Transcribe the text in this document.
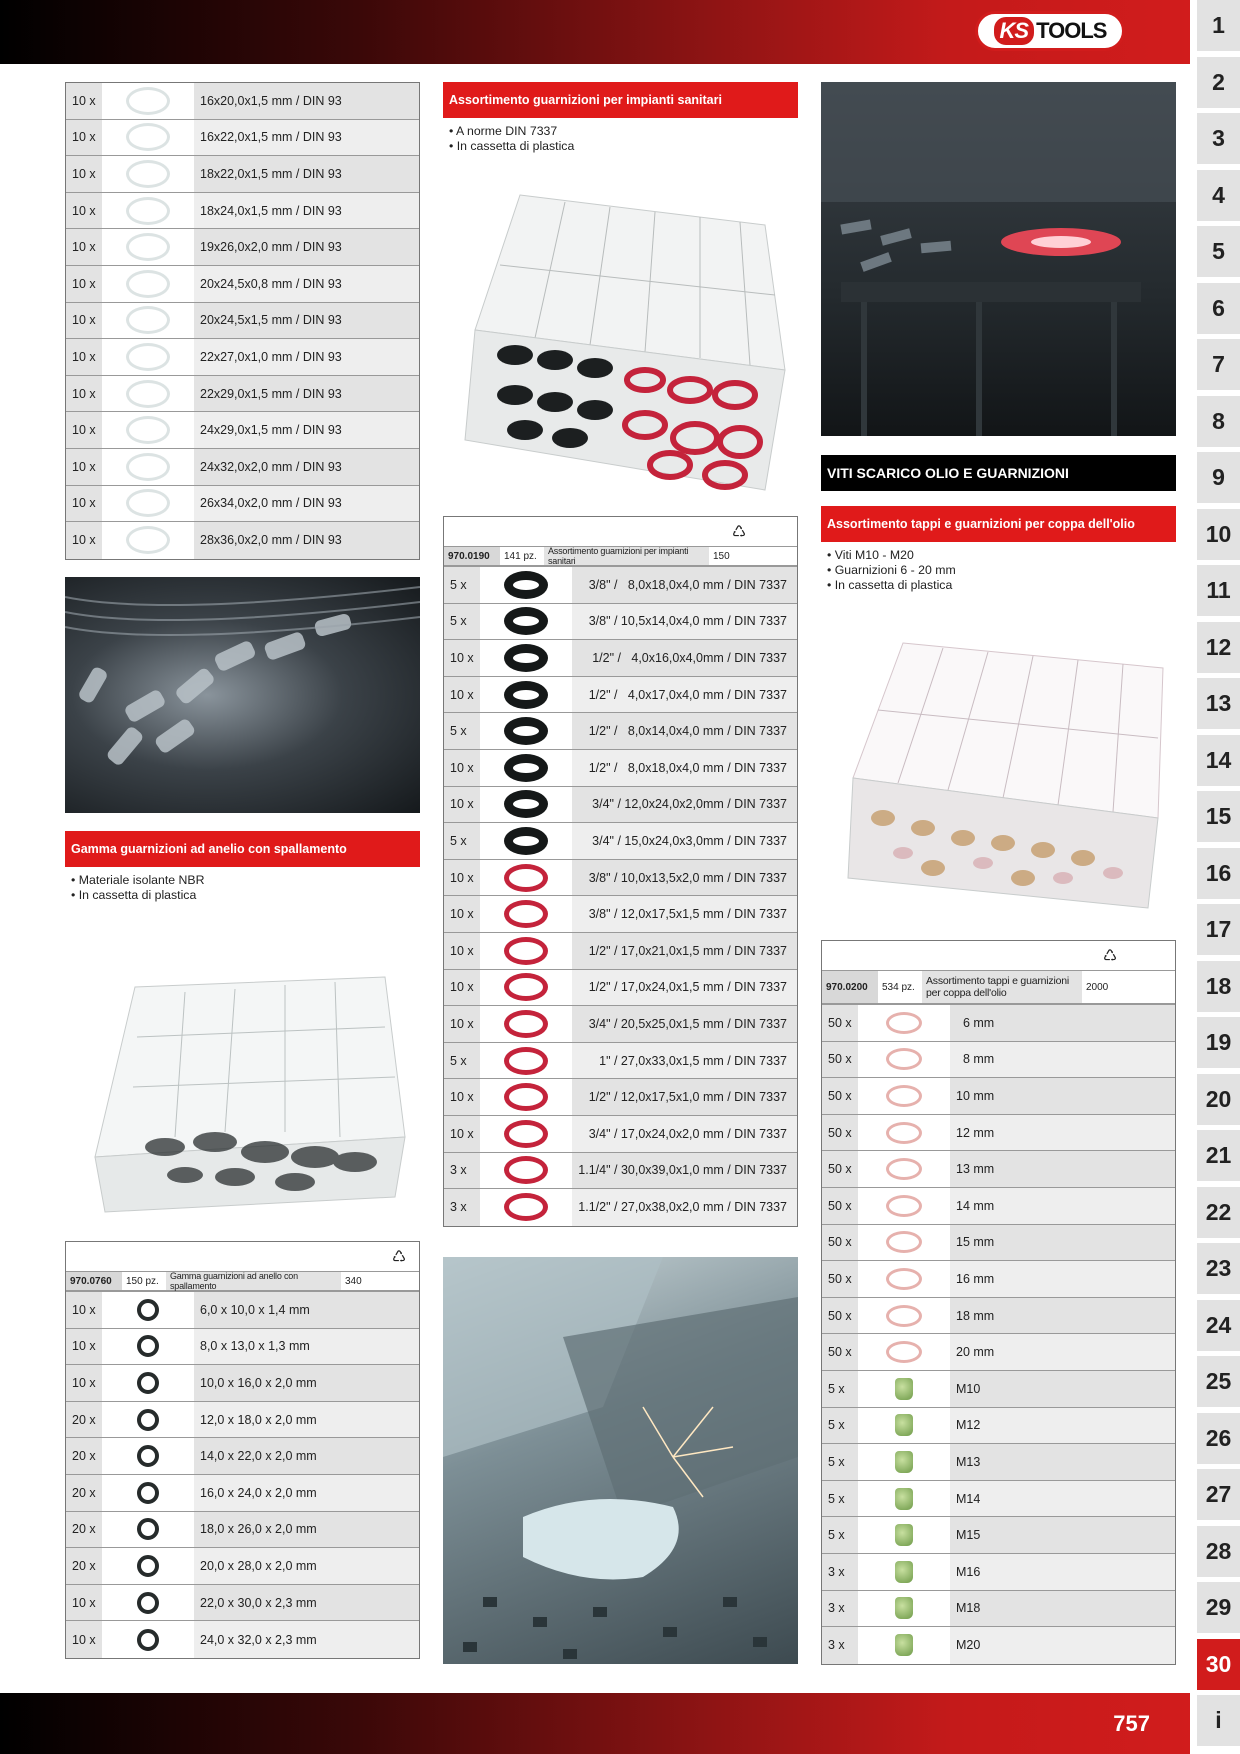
KS TOOLS	1
2
3
4
5
6
7
8
9
10
11
12
13
14
15
16
17
18
19
20
21
22
23
24
25
26
27
28
29
30
i
10 x	16x20,0x1,5 mm / DIN 93
10 x	16x22,0x1,5 mm / DIN 93
10 x	18x22,0x1,5 mm / DIN 93
10 x	18x24,0x1,5 mm / DIN 93
10 x	19x26,0x2,0 mm / DIN 93
10 x	20x24,5x0,8 mm / DIN 93
10 x	20x24,5x1,5 mm / DIN 93
10 x	22x27,0x1,0 mm / DIN 93
10 x	22x29,0x1,5 mm / DIN 93
10 x	24x29,0x1,5 mm / DIN 93
10 x	24x32,0x2,0 mm / DIN 93
10 x	26x34,0x2,0 mm / DIN 93
10 x	28x36,0x2,0 mm / DIN 93
Gamma guarnizioni ad anelio con spallamento
• Materiale isolante NBR
• In cassetta di plastica
♺
970.0760	150 pz.	Gamma guarnizioni ad anello con spallamento	340
10 x	6,0 x 10,0 x 1,4 mm
10 x	8,0 x 13,0 x 1,3 mm
10 x	10,0 x 16,0 x 2,0 mm
20 x	12,0 x 18,0 x 2,0 mm
20 x	14,0 x 22,0 x 2,0 mm
20 x	16,0 x 24,0 x 2,0 mm
20 x	18,0 x 26,0 x 2,0 mm
20 x	20,0 x 28,0 x 2,0 mm
10 x	22,0 x 30,0 x 2,3 mm
10 x	24,0 x 32,0 x 2,3 mm
Assortimento guarnizioni per impianti sanitari
• A norme DIN 7337
• In cassetta di plastica
♺
970.0190	141 pz.	Assortimento guarnizioni per impianti sanitari	150
5 x	3/8" /   8,0x18,0x4,0 mm / DIN 7337
5 x	3/8" / 10,5x14,0x4,0 mm / DIN 7337
10 x	1/2" /   4,0x16,0x4,0mm / DIN 7337
10 x	1/2" /   4,0x17,0x4,0 mm / DIN 7337
5 x	1/2" /   8,0x14,0x4,0 mm / DIN 7337
10 x	1/2" /   8,0x18,0x4,0 mm / DIN 7337
10 x	3/4" / 12,0x24,0x2,0mm / DIN 7337
5 x	3/4" / 15,0x24,0x3,0mm / DIN 7337
10 x	3/8" / 10,0x13,5x2,0 mm / DIN 7337
10 x	3/8" / 12,0x17,5x1,5 mm / DIN 7337
10 x	1/2" / 17,0x21,0x1,5 mm / DIN 7337
10 x	1/2" / 17,0x24,0x1,5 mm / DIN 7337
10 x	3/4" / 20,5x25,0x1,5 mm / DIN 7337
5 x	1" / 27,0x33,0x1,5 mm / DIN 7337
10 x	1/2" / 12,0x17,5x1,0 mm / DIN 7337
10 x	3/4" / 17,0x24,0x2,0 mm / DIN 7337
3 x	1.1/4" / 30,0x39,0x1,0 mm / DIN 7337
3 x	1.1/2" / 27,0x38,0x2,0 mm / DIN 7337
VITI SCARICO OLIO E GUARNIZIONI
Assortimento tappi e guarnizioni per coppa dell'olio
• Viti M10 - M20
• Guarnizioni 6 - 20 mm
• In cassetta di plastica
♺
970.0200	534 pz.	Assortimento tappi e guarnizioni per coppa dell'olio	2000
50 x	6 mm
50 x	8 mm
50 x	10 mm
50 x	12 mm
50 x	13 mm
50 x	14 mm
50 x	15 mm
50 x	16 mm
50 x	18 mm
50 x	20 mm
5 x	M10
5 x	M12
5 x	M13
5 x	M14
5 x	M15
3 x	M16
3 x	M18
3 x	M20
757
